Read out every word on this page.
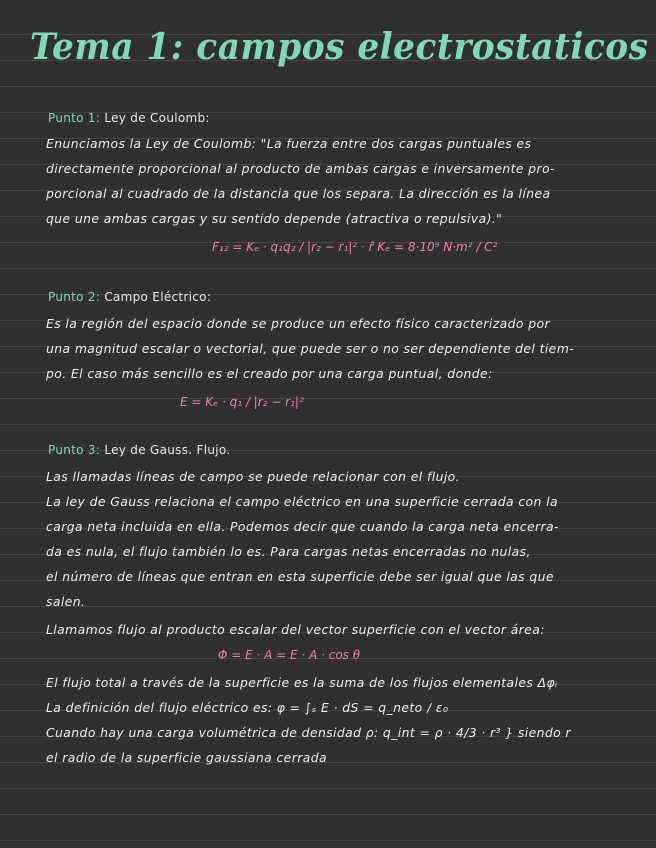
Tema 1: campos electrostaticos
Punto 1: Ley de Coulomb:
Enunciamos la Ley de Coulomb: "La fuerza entre dos cargas puntuales es
directamente proporcional al producto de ambas cargas e inversamente pro-
porcional al cuadrado de la distancia que los separa. La dirección es la línea
que une ambas cargas y su sentido depende (atractiva o repulsiva)."
F₁₂ = Kₑ · q₁q₂ / |r₂ − r₁|² · r̂ Kₑ = 8·10⁹ N·m² / C²
Punto 2: Campo Eléctrico:
Es la región del espacio donde se produce un efecto físico caracterizado por
una magnitud escalar o vectorial, que puede ser o no ser dependiente del tiem-
po. El caso más sencillo es el creado por una carga puntual, donde:
E = Kₑ · q₁ / |r₂ − r₁|²
Punto 3: Ley de Gauss. Flujo.
Las llamadas líneas de campo se puede relacionar con el flujo.
La ley de Gauss relaciona el campo eléctrico en una superficie cerrada con la
carga neta incluida en ella. Podemos decir que cuando la carga neta encerra-
da es nula, el flujo también lo es. Para cargas netas encerradas no nulas,
el número de líneas que entran en esta superficie debe ser igual que las que
salen.
Llamamos flujo al producto escalar del vector superficie con el vector área:
Φ = E · A = E · A · cos θ
El flujo total a través de la superficie es la suma de los flujos elementales Δφᵢ
La definición del flujo eléctrico es: φ = ∫ₛ E · dS = q_neto / ε₀
Cuando hay una carga volumétrica de densidad ρ: q_int = ρ · 4/3 · r³ } siendo r
el radio de la superficie gaussiana cerrada
